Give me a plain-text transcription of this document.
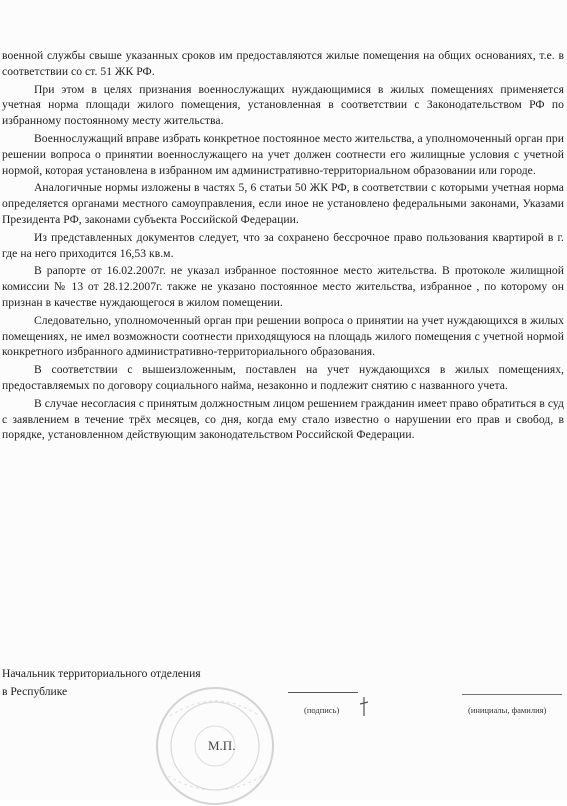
военной службы свыше указанных сроков им предоставляются жилые помещения на общих основаниях, т.е. в соответствии со ст. 51 ЖК РФ.

При этом в целях признания военнослужащих нуждающимися в жилых помещениях применяется учетная норма площади жилого помещения, установленная в соответствии с Законодательством РФ по избранному постоянному месту жительства.

Военнослужащий вправе избрать конкретное постоянное место жительства, а уполномоченный орган при решении вопроса о принятии военнослужащего на учет должен соотнести его жилищные условия с учетной нормой, которая установлена в избранном им административно-территориальном образовании или городе.

Аналогичные нормы изложены в частях 5, 6 статьи 50 ЖК РФ, в соответствии с которыми учетная норма определяется органами местного самоуправления, если иное не установлено федеральными законами, Указами Президента РФ, законами субъекта Российской Федерации.

Из представленных документов следует, что за сохранено бессрочное право пользования квартирой в г. где на него приходится 16,53 кв.м.

В рапорте от 16.02.2007г. не указал избранное постоянное место жительства. В протоколе жилищной комиссии № 13 от 28.12.2007г. также не указано постоянное место жительства, избранное , по которому он признан в качестве нуждающегося в жилом помещении.

Следовательно, уполномоченный орган при решении вопроса о принятии на учет нуждающихся в жилых помещениях, не имел возможности соотнести приходящуюся на площадь жилого помещения с учетной нормой конкретного избранного административно-территориального образования.

В соответствии с вышеизложенным, поставлен на учет нуждающихся в жилых помещениях, предоставляемых по договору социального найма, незаконно и подлежит снятию с названного учета.

В случае несогласия с принятым должностным лицом решением гражданин имеет право обратиться в суд с заявлением в течение трёх месяцев, со дня, когда ему стало известно о нарушении его прав и свобод, в порядке, установленном действующим законодательством Российской Федерации.

Начальник территориального отделения
в Республике
(подпись)	(инициалы, фамилия)
М.П.
